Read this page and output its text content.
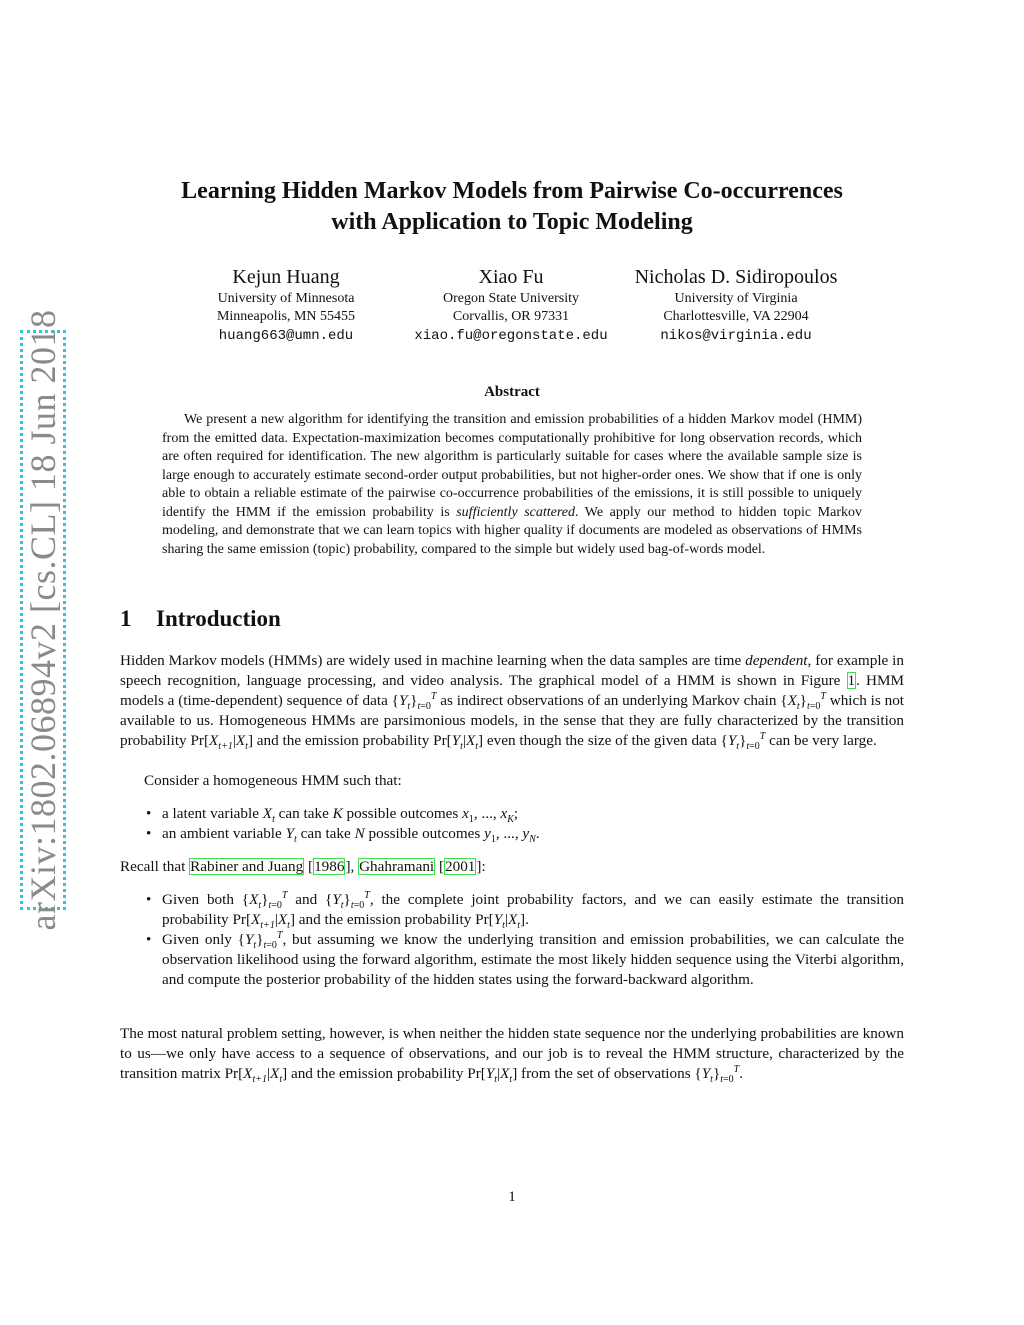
arXiv:1802.06894v2 [cs.CL] 18 Jun 2018
Learning Hidden Markov Models from Pairwise Co-occurrences
with Application to Topic Modeling
Kejun Huang
University of Minnesota
Minneapolis, MN 55455
huang663@umn.edu
Xiao Fu
Oregon State University
Corvallis, OR 97331
xiao.fu@oregonstate.edu
Nicholas D. Sidiropoulos
University of Virginia
Charlottesville, VA 22904
nikos@virginia.edu
Abstract
We present a new algorithm for identifying the transition and emission probabilities of a hidden Markov model (HMM) from the emitted data. Expectation-maximization becomes computationally prohibitive for long observation records, which are often required for identification. The new algorithm is particularly suitable for cases where the available sample size is large enough to accurately estimate second-order output probabilities, but not higher-order ones. We show that if one is only able to obtain a reliable estimate of the pairwise co-occurrence probabilities of the emissions, it is still possible to uniquely identify the HMM if the emission probability is sufficiently scattered. We apply our method to hidden topic Markov modeling, and demonstrate that we can learn topics with higher quality if documents are modeled as observations of HMMs sharing the same emission (topic) probability, compared to the simple but widely used bag-of-words model.
1 Introduction
Hidden Markov models (HMMs) are widely used in machine learning when the data samples are time dependent, for example in speech recognition, language processing, and video analysis. The graphical model of a HMM is shown in Figure 1. HMM models a (time-dependent) sequence of data $\{Y_t\}_{t=0}^T$ as indirect observations of an underlying Markov chain $\{X_t\}_{t=0}^T$ which is not available to us. Homogeneous HMMs are parsimonious models, in the sense that they are fully characterized by the transition probability $Pr[X_{t+1}|X_t]$ and the emission probability $Pr[Y_t|X_t]$ even though the size of the given data $\{Y_t\}_{t=0}^T$ can be very large.
Consider a homogeneous HMM such that:
• a latent variable $X_t$ can take K possible outcomes $x_1$, ..., $x_K$;
• an ambient variable $Y_t$ can take N possible outcomes $y_1$, ..., $y_N$.
Recall that Rabiner and Juang [1986], Ghahramani [2001]:
• Given both $\{X_t\}_{t=0}^T$ and $\{Y_t\}_{t=0}^T$, the complete joint probability factors, and we can easily estimate the transition probability $Pr[X_{t+1}|X_t]$ and the emission probability $Pr[Y_t|X_t]$.
• Given only $\{Y_t\}_{t=0}^T$, but assuming we know the underlying transition and emission probabilities, we can calculate the observation likelihood using the forward algorithm, estimate the most likely hidden sequence using the Viterbi algorithm, and compute the posterior probability of the hidden states using the forward-backward algorithm.
The most natural problem setting, however, is when neither the hidden state sequence nor the underlying probabilities are known to us—we only have access to a sequence of observations, and our job is to reveal the HMM structure, characterized by the transition matrix $Pr[X_{t+1}|X_t]$ and the emission probability $Pr[Y_t|X_t]$ from the set of observations $\{Y_t\}_{t=0}^T$.
1
